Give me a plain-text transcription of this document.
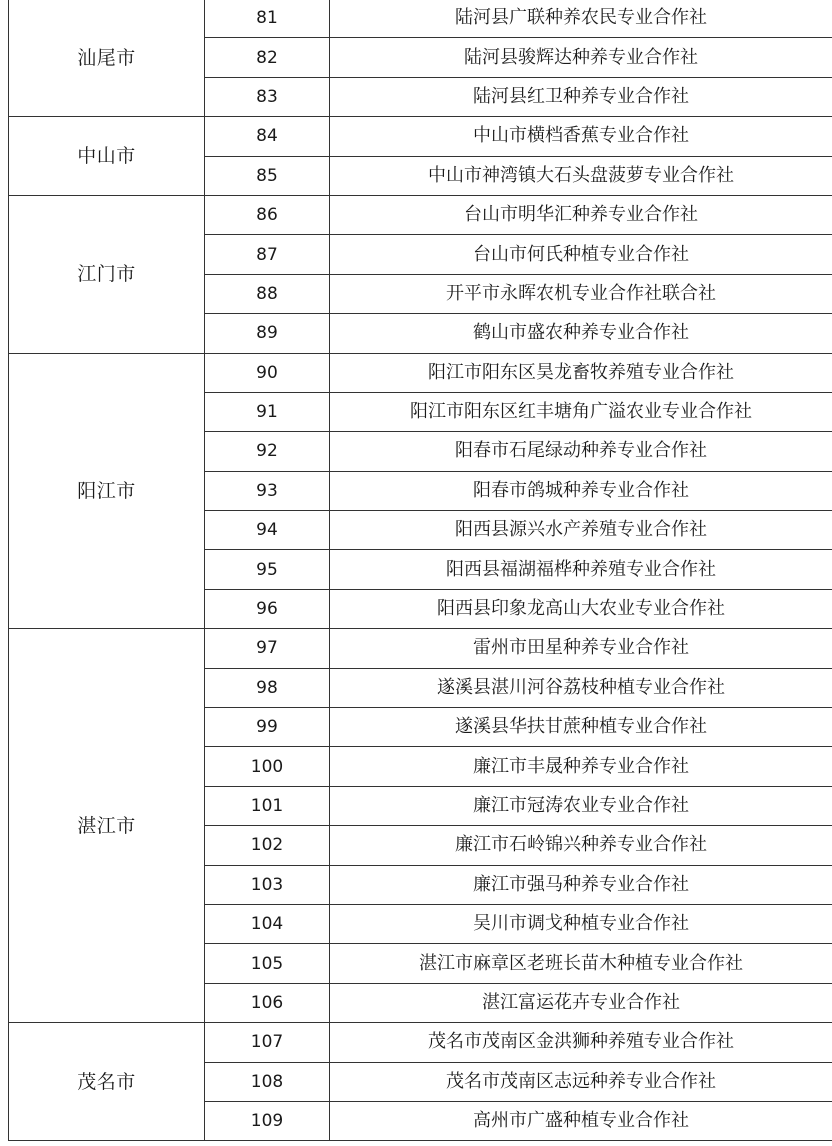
汕尾市	81	陆河县广联种养农民专业合作社
	82	陆河县骏辉达种养专业合作社
	83	陆河县红卫种养专业合作社
中山市	84	中山市横档香蕉专业合作社
	85	中山市神湾镇大石头盘菠萝专业合作社
江门市	86	台山市明华汇种养专业合作社
	87	台山市何氏种植专业合作社
	88	开平市永晖农机专业合作社联合社
	89	鹤山市盛农种养专业合作社
阳江市	90	阳江市阳东区昊龙畜牧养殖专业合作社
	91	阳江市阳东区红丰塘角广溢农业专业合作社
	92	阳春市石尾绿动种养专业合作社
	93	阳春市鸽城种养专业合作社
	94	阳西县源兴水产养殖专业合作社
	95	阳西县福湖福桦种养殖专业合作社
	96	阳西县印象龙高山大农业专业合作社
湛江市	97	雷州市田星种养专业合作社
	98	遂溪县湛川河谷荔枝种植专业合作社
	99	遂溪县华扶甘蔗种植专业合作社
	100	廉江市丰晟种养专业合作社
	101	廉江市冠涛农业专业合作社
	102	廉江市石岭锦兴种养专业合作社
	103	廉江市强马种养专业合作社
	104	吴川市调戈种植专业合作社
	105	湛江市麻章区老班长苗木种植专业合作社
	106	湛江富运花卉专业合作社
茂名市	107	茂名市茂南区金洪狮种养殖专业合作社
	108	茂名市茂南区志远种养专业合作社
	109	高州市广盛种植专业合作社
